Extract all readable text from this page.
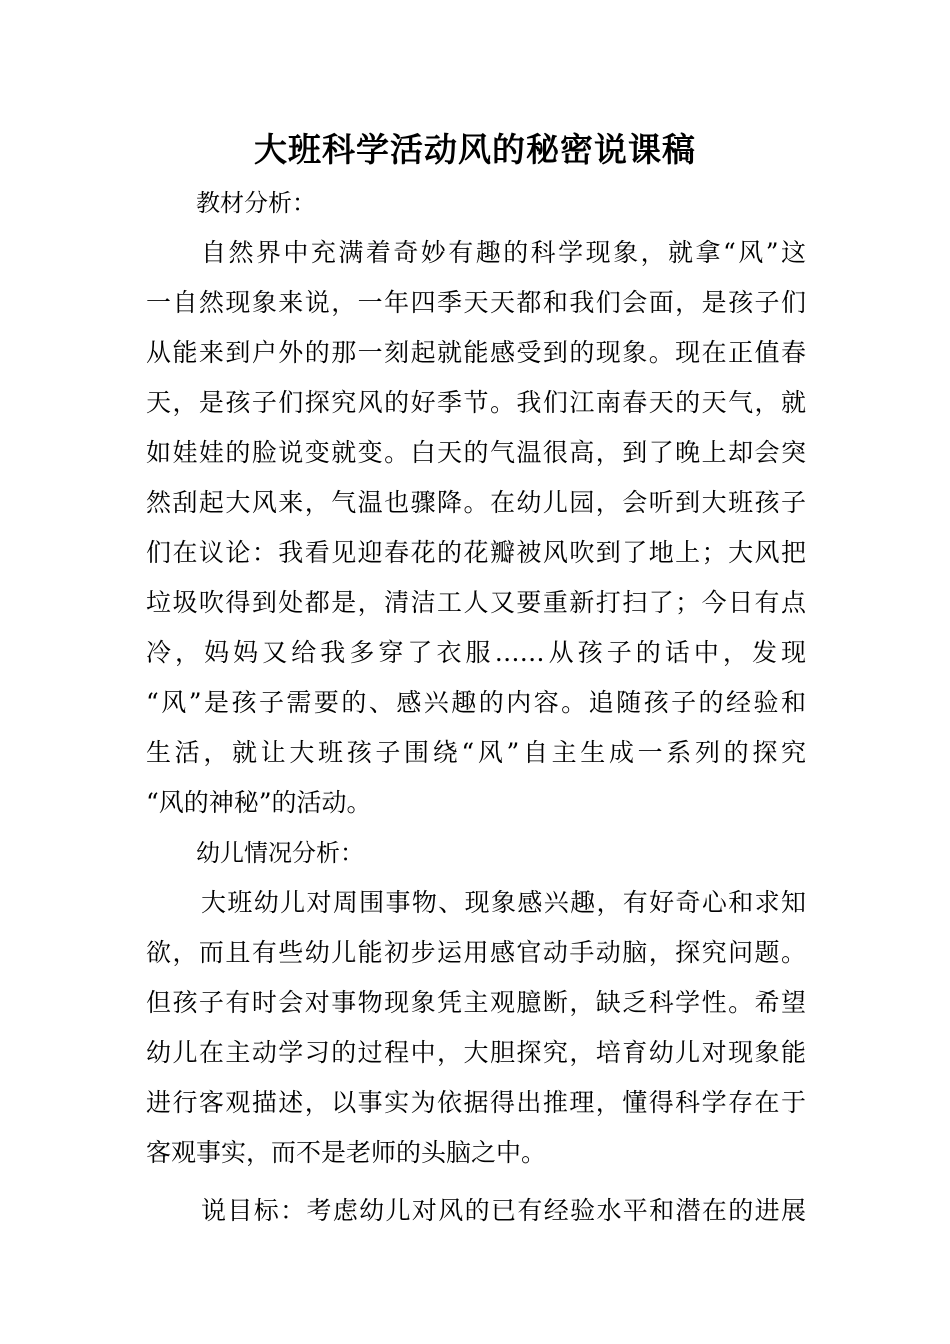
大班科学活动风的秘密说课稿

教材分析：

自然界中充满着奇妙有趣的科学现象，就拿“风”这
一自然现象来说，一年四季天天都和我们会面，是孩子们
从能来到户外的那一刻起就能感受到的现象。现在正值春
天，是孩子们探究风的好季节。我们江南春天的天气，就
如娃娃的脸说变就变。白天的气温很高，到了晚上却会突
然刮起大风来，气温也骤降。在幼儿园，会听到大班孩子
们在议论：我看见迎春花的花瓣被风吹到了地上；大风把
垃圾吹得到处都是，清洁工人又要重新打扫了；今日有点
冷，妈妈又给我多穿了衣服……从孩子的话中，发现
“风”是孩子需要的、感兴趣的内容。追随孩子的经验和
生活，就让大班孩子围绕“风”自主生成一系列的探究
“风的神秘”的活动。

幼儿情况分析：

大班幼儿对周围事物、现象感兴趣，有好奇心和求知
欲，而且有些幼儿能初步运用感官动手动脑，探究问题。
但孩子有时会对事物现象凭主观臆断，缺乏科学性。希望
幼儿在主动学习的过程中，大胆探究，培育幼儿对现象能
进行客观描述，以事实为依据得出推理，懂得科学存在于
客观事实，而不是老师的头脑之中。
说目标：考虑幼儿对风的已有经验水平和潜在的进展
